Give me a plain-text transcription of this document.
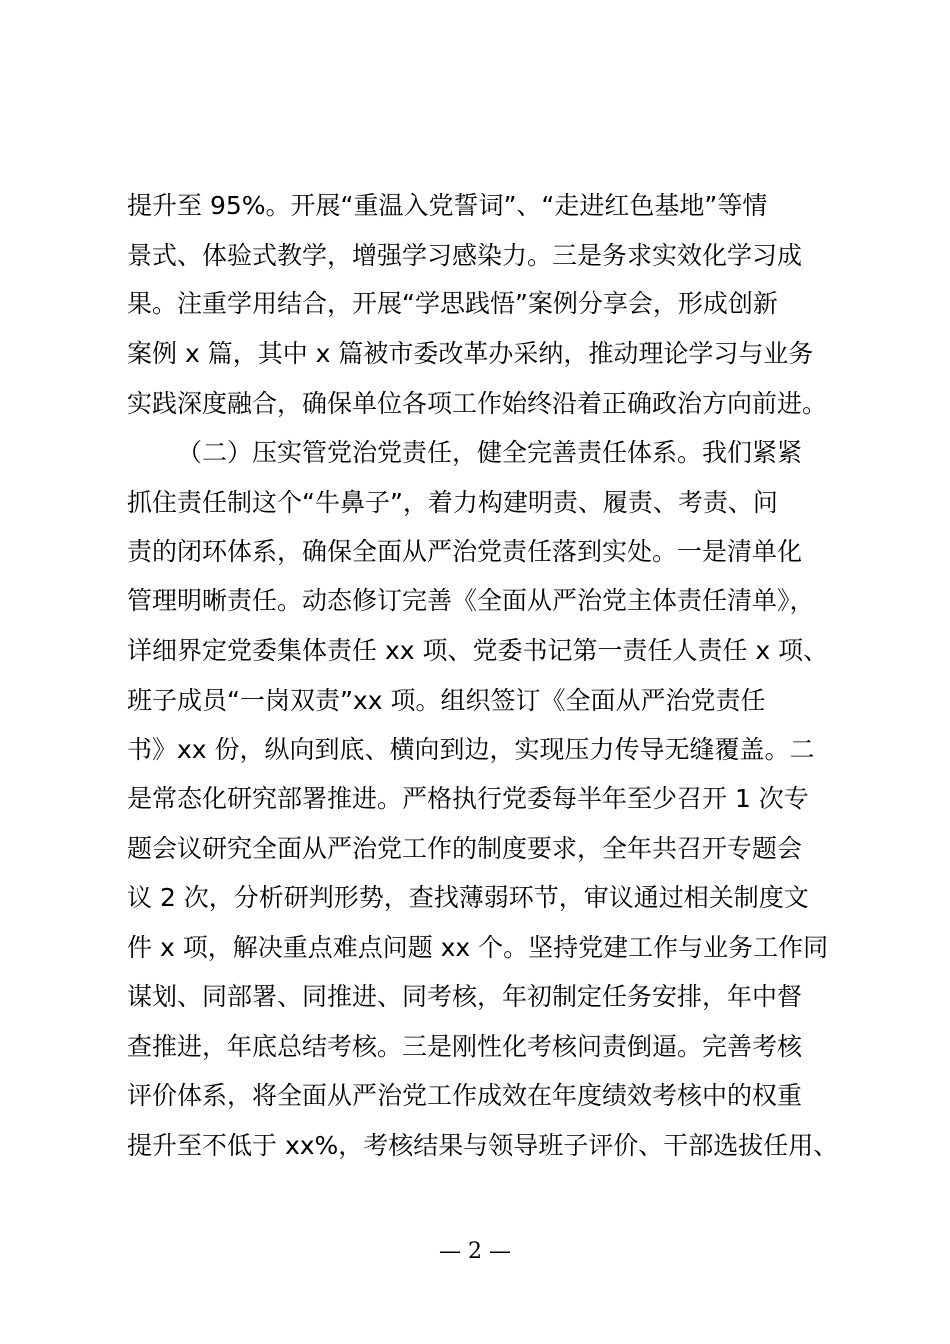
提升至 95%。开展“重温入党誓词”、“走进红色基地”等情
景式、体验式教学，增强学习感染力。三是务求实效化学习成
果。注重学用结合，开展“学思践悟”案例分享会，形成创新
案例 x 篇，其中 x 篇被市委改革办采纳，推动理论学习与业务
实践深度融合，确保单位各项工作始终沿着正确政治方向前进。
（二）压实管党治党责任，健全完善责任体系。我们紧紧
抓住责任制这个“牛鼻子”，着力构建明责、履责、考责、问
责的闭环体系，确保全面从严治党责任落到实处。一是清单化
管理明晰责任。动态修订完善《全面从严治党主体责任清单》，
详细界定党委集体责任 xx 项、党委书记第一责任人责任 x 项、
班子成员“一岗双责”xx 项。组织签订《全面从严治党责任
书》xx 份，纵向到底、横向到边，实现压力传导无缝覆盖。二
是常态化研究部署推进。严格执行党委每半年至少召开 1 次专
题会议研究全面从严治党工作的制度要求，全年共召开专题会
议 2 次，分析研判形势，查找薄弱环节，审议通过相关制度文
件 x 项，解决重点难点问题 xx 个。坚持党建工作与业务工作同
谋划、同部署、同推进、同考核，年初制定任务安排，年中督
查推进，年底总结考核。三是刚性化考核问责倒逼。完善考核
评价体系，将全面从严治党工作成效在年度绩效考核中的权重
提升至不低于 xx%，考核结果与领导班子评价、干部选拔任用、
— 2 —
